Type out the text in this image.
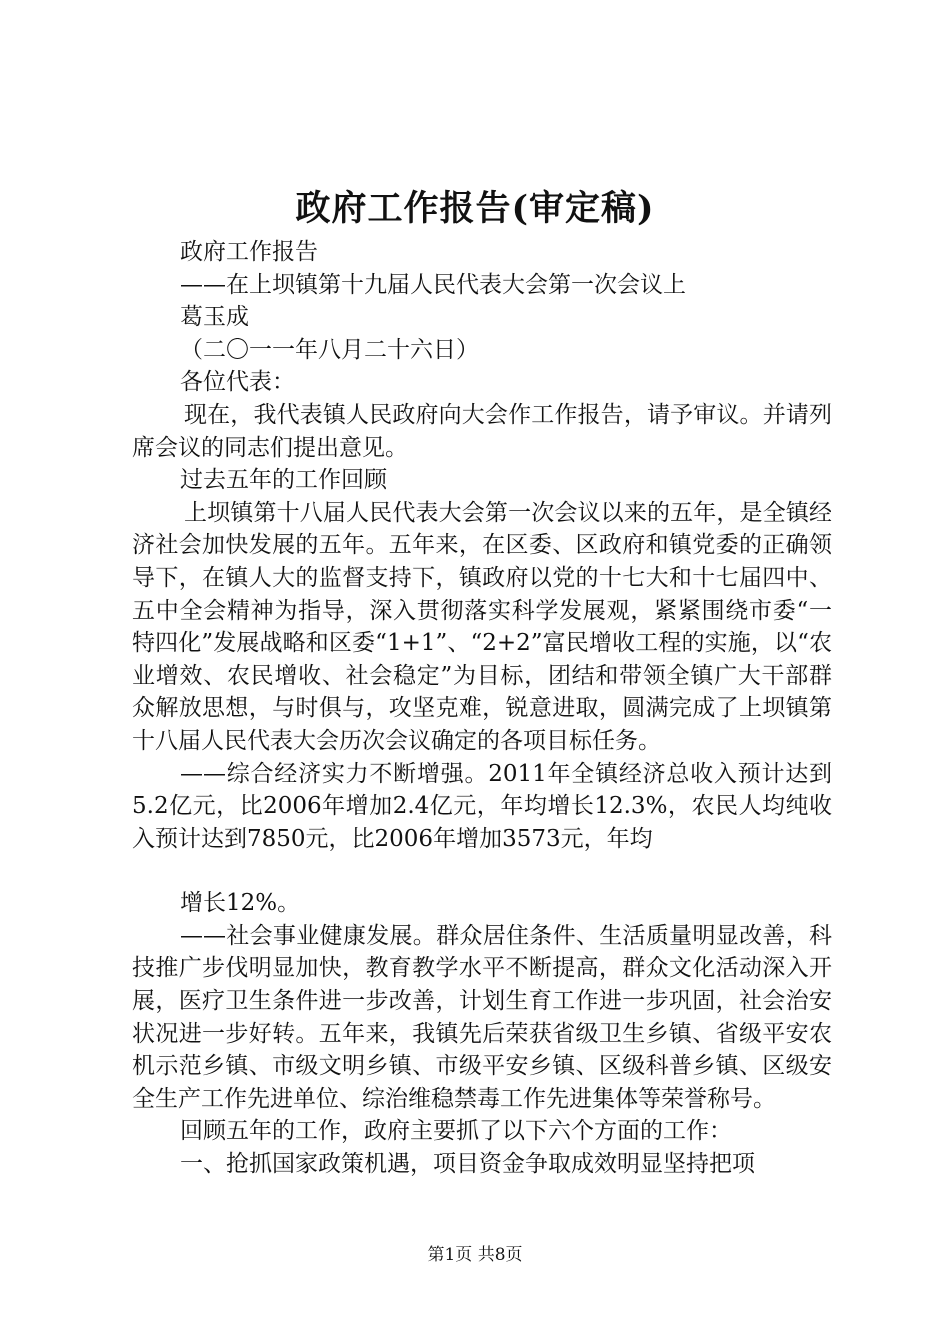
政府工作报告(审定稿)

政府工作报告

——在上坝镇第十九届人民代表大会第一次会议上

葛玉成

（二〇一一年八月二十六日）

各位代表：

现在，我代表镇人民政府向大会作工作报告，请予审议。并请列席会议的同志们提出意见。

过去五年的工作回顾

上坝镇第十八届人民代表大会第一次会议以来的五年，是全镇经济社会加快发展的五年。五年来，在区委、区政府和镇党委的正确领导下，在镇人大的监督支持下，镇政府以党的十七大和十七届四中、五中全会精神为指导，深入贯彻落实科学发展观，紧紧围绕市委“一特四化”发展战略和区委“1+1”、“2+2”富民增收工程的实施，以“农业增效、农民增收、社会稳定”为目标，团结和带领全镇广大干部群众解放思想，与时俱与，攻坚克难，锐意进取，圆满完成了上坝镇第十八届人民代表大会历次会议确定的各项目标任务。

——综合经济实力不断增强。2011年全镇经济总收入预计达到5.2亿元，比2006年增加2.4亿元，年均增长12.3%，农民人均纯收入预计达到7850元，比2006年增加3573元，年均

增长12%。

——社会事业健康发展。群众居住条件、生活质量明显改善，科技推广步伐明显加快，教育教学水平不断提高，群众文化活动深入开展，医疗卫生条件进一步改善，计划生育工作进一步巩固，社会治安状况进一步好转。五年来，我镇先后荣获省级卫生乡镇、省级平安农机示范乡镇、市级文明乡镇、市级平安乡镇、区级科普乡镇、区级安全生产工作先进单位、综治维稳禁毒工作先进集体等荣誉称号。

回顾五年的工作，政府主要抓了以下六个方面的工作：

一、抢抓国家政策机遇，项目资金争取成效明显坚持把项

第1页 共8页
